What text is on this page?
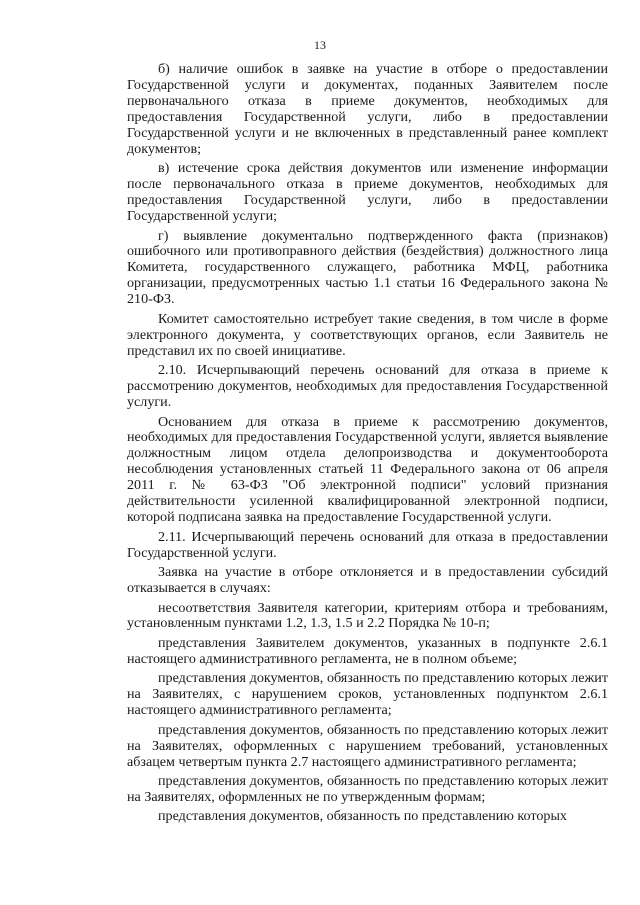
13

б) наличие ошибок в заявке на участие в отборе о предоставлении Государственной услуги и документах, поданных Заявителем после первоначального отказа в приеме документов, необходимых для предоставления Государственной услуги, либо в предоставлении Государственной услуги и не включенных в представленный ранее комплект документов;

в) истечение срока действия документов или изменение информации после первоначального отказа в приеме документов, необходимых для предоставления Государственной услуги, либо в предоставлении Государственной услуги;

г) выявление документально подтвержденного факта (признаков) ошибочного или противоправного действия (бездействия) должностного лица Комитета, государственного служащего, работника МФЦ, работника организации, предусмотренных частью 1.1 статьи 16 Федерального закона № 210-ФЗ.

Комитет самостоятельно истребует такие сведения, в том числе в форме электронного документа, у соответствующих органов, если Заявитель не представил их по своей инициативе.

2.10. Исчерпывающий перечень оснований для отказа в приеме к рассмотрению документов, необходимых для предоставления Государственной услуги.

Основанием для отказа в приеме к рассмотрению документов, необходимых для предоставления Государственной услуги, является выявление должностным лицом отдела делопроизводства и документооборота несоблюдения установленных статьей 11 Федерального закона от 06 апреля 2011 г. № 63-ФЗ "Об электронной подписи" условий признания действительности усиленной квалифицированной электронной подписи, которой подписана заявка на предоставление Государственной услуги.

2.11. Исчерпывающий перечень оснований для отказа в предоставлении Государственной услуги.

Заявка на участие в отборе отклоняется и в предоставлении субсидий отказывается в случаях:

несоответствия Заявителя категории, критериям отбора и требованиям, установленным пунктами 1.2, 1.3, 1.5 и 2.2 Порядка № 10-п;

представления Заявителем документов, указанных в подпункте 2.6.1 настоящего административного регламента, не в полном объеме;

представления документов, обязанность по представлению которых лежит на Заявителях, с нарушением сроков, установленных подпунктом 2.6.1 настоящего административного регламента;

представления документов, обязанность по представлению которых лежит на Заявителях, оформленных с нарушением требований, установленных абзацем четвертым пункта 2.7 настоящего административного регламента;

представления документов, обязанность по представлению которых лежит на Заявителях, оформленных не по утвержденным формам;

представления документов, обязанность по представлению которых
